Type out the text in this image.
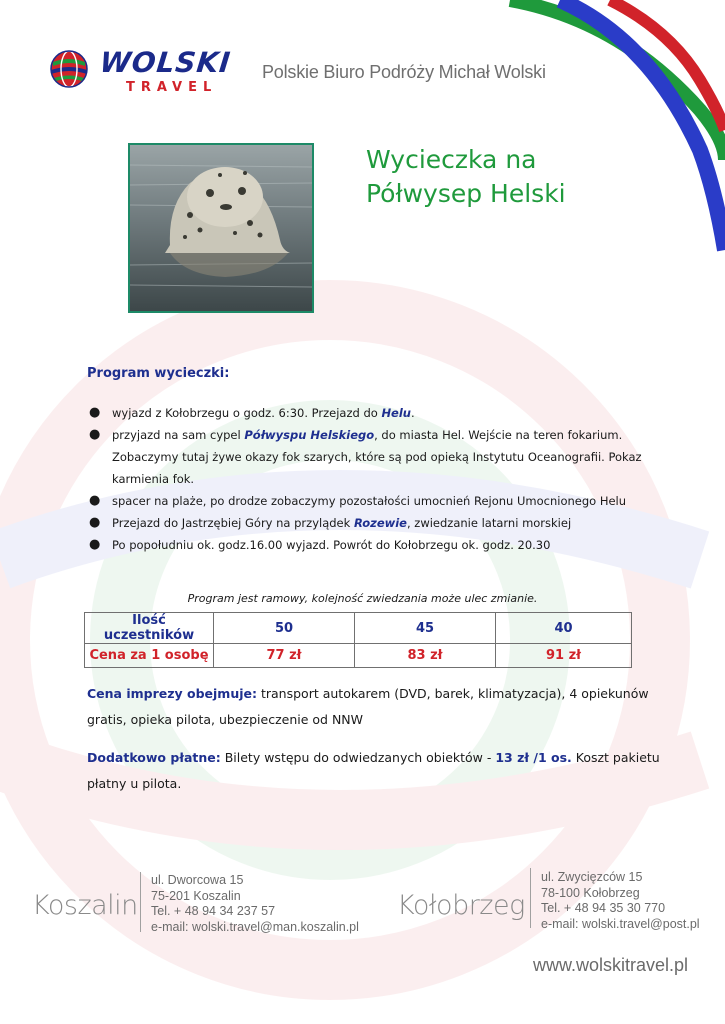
WOLSKI
TRAVEL
Polskie Biuro Podróży Michał Wolski
Wycieczka na
Półwysep Helski
Program wycieczki:
● wyjazd z Kołobrzegu o godz. 6:30. Przejazd do Helu.
● przyjazd na sam cypel Półwyspu Helskiego, do miasta Hel. Wejście na teren fokarium. Zobaczymy tutaj żywe okazy fok szarych, które są pod opieką Instytutu Oceanografii. Pokaz karmienia fok.
● spacer na plaże, po drodze zobaczymy pozostałości umocnień Rejonu Umocnionego Helu
● Przejazd do Jastrzębiej Góry na przylądek Rozewie, zwiedzanie latarni morskiej
● Po popołudniu ok. godz.16.00 wyjazd. Powrót do Kołobrzegu ok. godz. 20.30
Program jest ramowy, kolejność zwiedzania może ulec zmianie.
Ilość uczestników	50	45	40
Cena za 1 osobę	77 zł	83 zł	91 zł
Cena imprezy obejmuje: transport autokarem (DVD, barek, klimatyzacja), 4 opiekunów gratis, opieka pilota, ubezpieczenie od NNW
Dodatkowo płatne: Bilety wstępu do odwiedzanych obiektów - 13 zł /1 os. Koszt pakietu płatny u pilota.
Koszalin
ul. Dworcowa 15
75-201 Koszalin
Tel. + 48 94 34 237 57
e-mail: wolski.travel@man.koszalin.pl
Kołobrzeg
ul. Zwycięzców 15
78-100 Kołobrzeg
Tel. + 48 94 35 30 770
e-mail: wolski.travel@post.pl
www.wolskitravel.pl
